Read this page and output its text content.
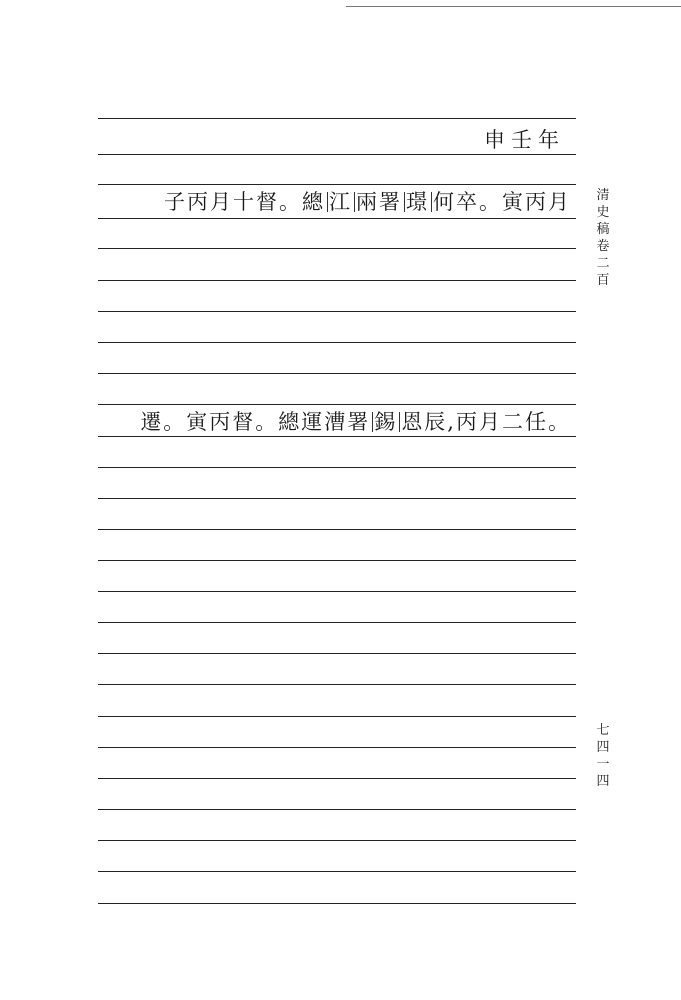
申壬年
子丙月十督。總 江 兩署 璟 何卒。寅丙月
遷。寅丙督。總運漕署 錫 恩辰,丙月二任。
清史稿卷二百
七四一四
